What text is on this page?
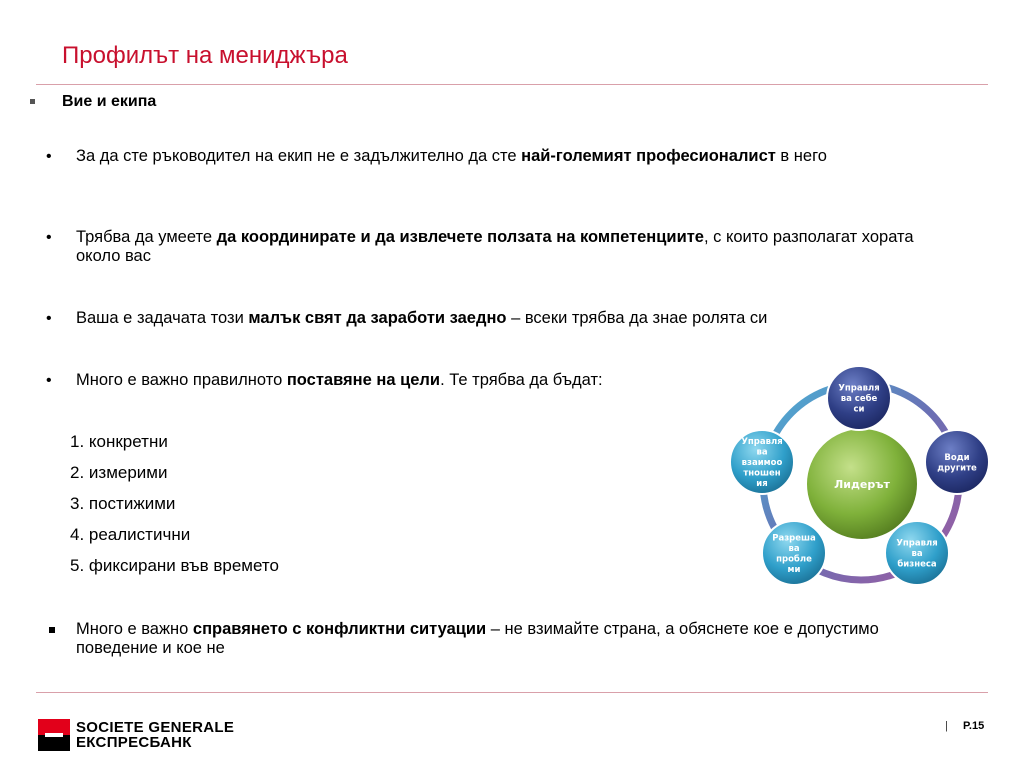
Профилът на мениджъра
Вие и екипа
• За да сте ръководител на екип не е задължително да сте най-големият професионалист в него
• Трябва да умеете да координирате и да извлечете ползата на компетенциите, с които разполагат хората около вас
• Ваша е задачата този малък свят да заработи заедно – всеки трябва да знае ролята си
• Много е важно правилното поставяне на цели. Те трябва да бъдат:
1. конкретни
2. измерими
3. постижими
4. реалистични
5. фиксирани във времето
Много е важно справянето с конфликтни ситуации – не взимайте страна, а обяснете кое е допустимо поведение и кое не
Лидерът
Управля
ва себе
си
Води
другите
Управля
ва
бизнеса
Разреша
ва
пробле
ми
Управля
ва
взаимоо
тношен
ия
SOCIETE GENERALE
ЕКСПРЕСБАНК
| P.15
